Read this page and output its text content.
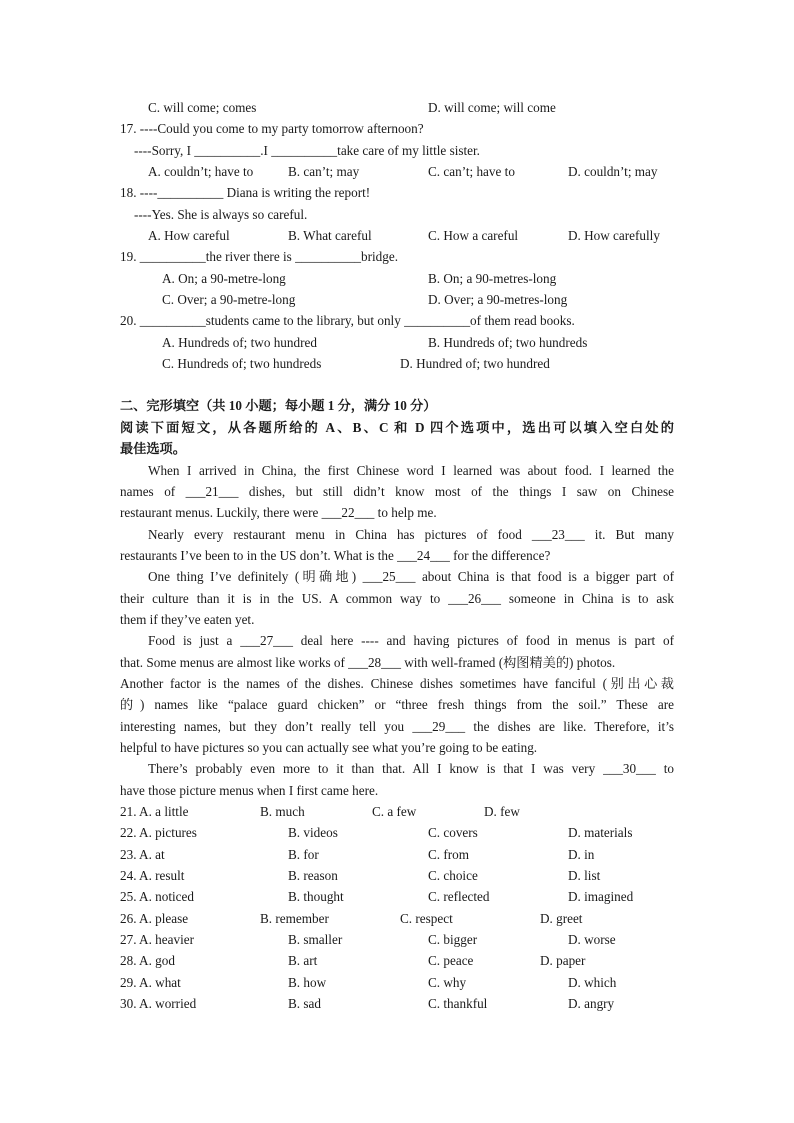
C. will come; comes	D. will come; will come
17. ----Could you come to my party tomorrow afternoon?
----Sorry, I __________.I __________take care of my little sister.
A. couldn’t; have to	B. can’t; may	C. can’t; have to	D. couldn’t; may
18. ----__________ Diana is writing the report!
----Yes. She is always so careful.
A. How careful	B. What careful	C. How a careful	D. How carefully
19. __________the river there is __________bridge.
A. On; a 90-metre-long	B. On; a 90-metres-long
C. Over; a 90-metre-long	D. Over; a 90-metres-long
20. __________students came to the library, but only __________of them read books.
A. Hundreds of; two hundred	B. Hundreds of; two hundreds
C. Hundreds of; two hundreds	D. Hundred of; two hundred
二、完形填空（共 10 小题；每小题 1 分，满分 10 分）
阅读下面短文，从各题所给的 A、B、C 和 D 四个选项中，选出可以填入空白处的
最佳选项。
When I arrived in China, the first Chinese word I learned was about food. I learned the
names of ___21___ dishes, but still didn’t know most of the things I saw on Chinese
restaurant menus. Luckily, there were ___22___ to help me.
Nearly every restaurant menu in China has pictures of food ___23___ it. But many
restaurants I’ve been to in the US don’t. What is the ___24___ for the difference?
One thing I’ve definitely (明确地) ___25___ about China is that food is a bigger part of
their culture than it is in the US. A common way to ___26___ someone in China is to ask
them if they’ve eaten yet.
Food is just a ___27___ deal here ---- and having pictures of food in menus is part of
that. Some menus are almost like works of ___28___ with well-framed (构图精美的) photos.
Another factor is the names of the dishes. Chinese dishes sometimes have fanciful (别出心裁
的) names like “palace guard chicken” or “three fresh things from the soil.” These are
interesting names, but they don’t really tell you ___29___ the dishes are like. Therefore, it’s
helpful to have pictures so you can actually see what you’re going to be eating.
There’s probably even more to it than that. All I know is that I was very ___30___ to
have those picture menus when I first came here.
21. A. a little	B. much	C. a few	D. few
22. A. pictures	B. videos	C. covers	D. materials
23. A. at	B. for	C. from	D. in
24. A. result	B. reason	C. choice	D. list
25. A. noticed	B. thought	C. reflected	D. imagined
26. A. please	B. remember	C. respect	D. greet
27. A. heavier	B. smaller	C. bigger	D. worse
28. A. god	B. art	C. peace	D. paper
29. A. what	B. how	C. why	D. which
30. A. worried	B. sad	C. thankful	D. angry
